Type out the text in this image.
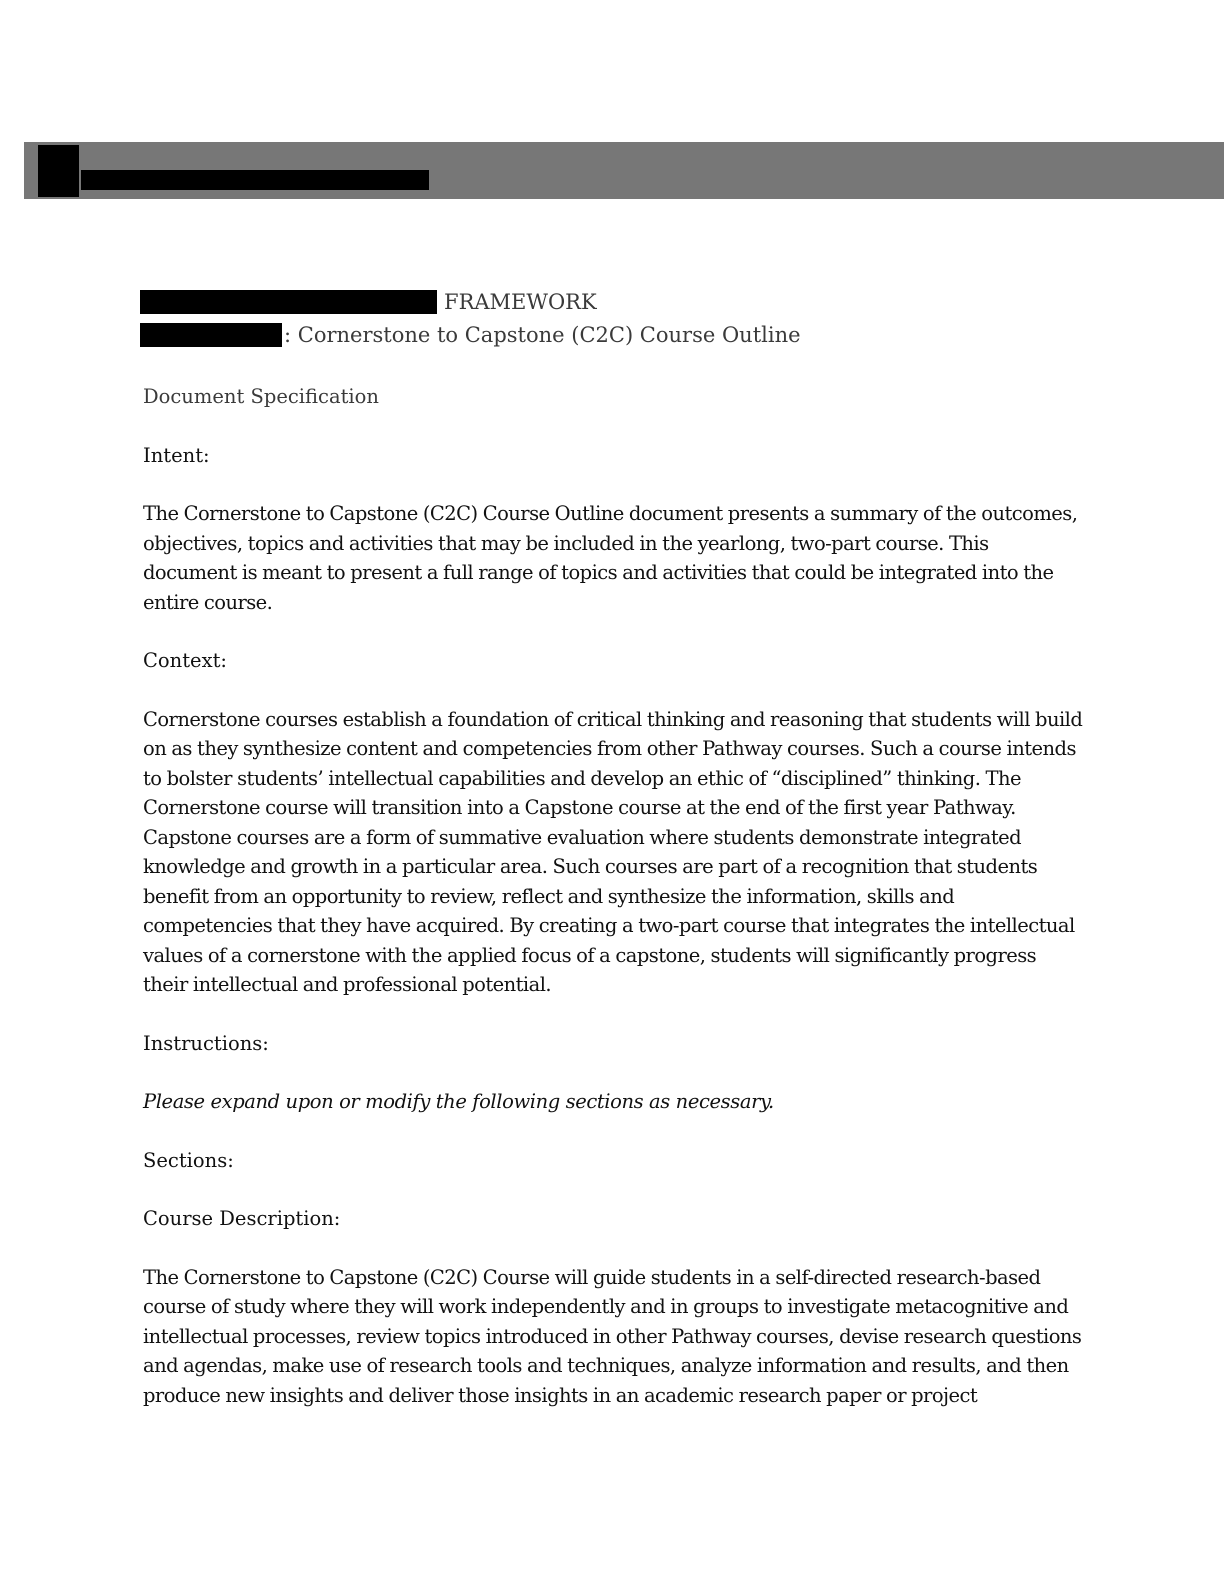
FRAMEWORK
: Cornerstone to Capstone (C2C) Course Outline

Document Specification

Intent:

The Cornerstone to Capstone (C2C) Course Outline document presents a summary of the outcomes, objectives, topics and activities that may be included in the yearlong, two-part course. This document is meant to present a full range of topics and activities that could be integrated into the entire course.

Context:

Cornerstone courses establish a foundation of critical thinking and reasoning that students will build on as they synthesize content and competencies from other Pathway courses. Such a course intends to bolster students’ intellectual capabilities and develop an ethic of “disciplined” thinking. The Cornerstone course will transition into a Capstone course at the end of the first year Pathway. Capstone courses are a form of summative evaluation where students demonstrate integrated knowledge and growth in a particular area. Such courses are part of a recognition that students benefit from an opportunity to review, reflect and synthesize the information, skills and competencies that they have acquired. By creating a two-part course that integrates the intellectual values of a cornerstone with the applied focus of a capstone, students will significantly progress their intellectual and professional potential.

Instructions:

Please expand upon or modify the following sections as necessary.

Sections:

Course Description:

The Cornerstone to Capstone (C2C) Course will guide students in a self-directed research-based course of study where they will work independently and in groups to investigate metacognitive and intellectual processes, review topics introduced in other Pathway courses, devise research questions and agendas, make use of research tools and techniques, analyze information and results, and then produce new insights and deliver those insights in an academic research paper or project
